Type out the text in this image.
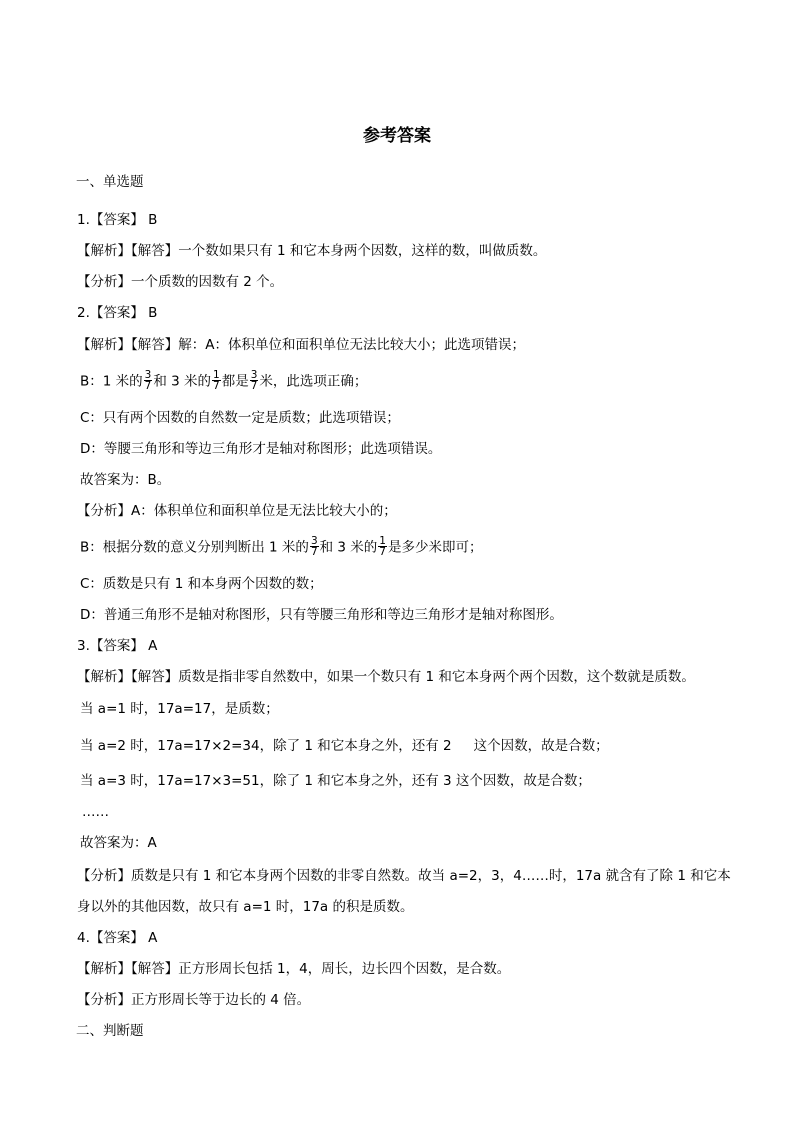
参考答案
一、单选题
1.【答案】 B
【解析】【解答】一个数如果只有 1 和它本身两个因数，这样的数，叫做质数。
【分析】一个质数的因数有 2 个。
2.【答案】 B
【解析】【解答】解：A：体积单位和面积单位无法比较大小；此选项错误；
B：1 米的 $\frac{3}{7}$ 和 3 米的 $\frac{1}{7}$ 都是 $\frac{3}{7}$ 米，此选项正确；
C：只有两个因数的自然数一定是质数；此选项错误；
D：等腰三角形和等边三角形才是轴对称图形；此选项错误。
故答案为：B。
【分析】A：体积单位和面积单位是无法比较大小的；
B：根据分数的意义分别判断出 1 米的 $\frac{3}{7}$ 和 3 米的 $\frac{1}{7}$ 是多少米即可；
C：质数是只有 1 和本身两个因数的数；
D：普通三角形不是轴对称图形，只有等腰三角形和等边三角形才是轴对称图形。
3.【答案】 A
【解析】【解答】质数是指非零自然数中，如果一个数只有 1 和它本身两个两个因数，这个数就是质数。
当 a=1 时，17a=17，是质数；
当 a=2 时，17a=17×2=34，除了 1 和它本身之外，还有 2 这个因数，故是合数；
当 a=3 时，17a=17×3=51，除了 1 和它本身之外，还有 3 这个因数，故是合数；
……
故答案为：A
【分析】质数是只有 1 和它本身两个因数的非零自然数。故当 a=2，3，4……时，17a 就含有了除 1 和它本
身以外的其他因数，故只有 a=1 时，17a 的积是质数。
4.【答案】 A
【解析】【解答】正方形周长包括 1，4，周长，边长四个因数，是合数。
【分析】正方形周长等于边长的 4 倍。
二、判断题
